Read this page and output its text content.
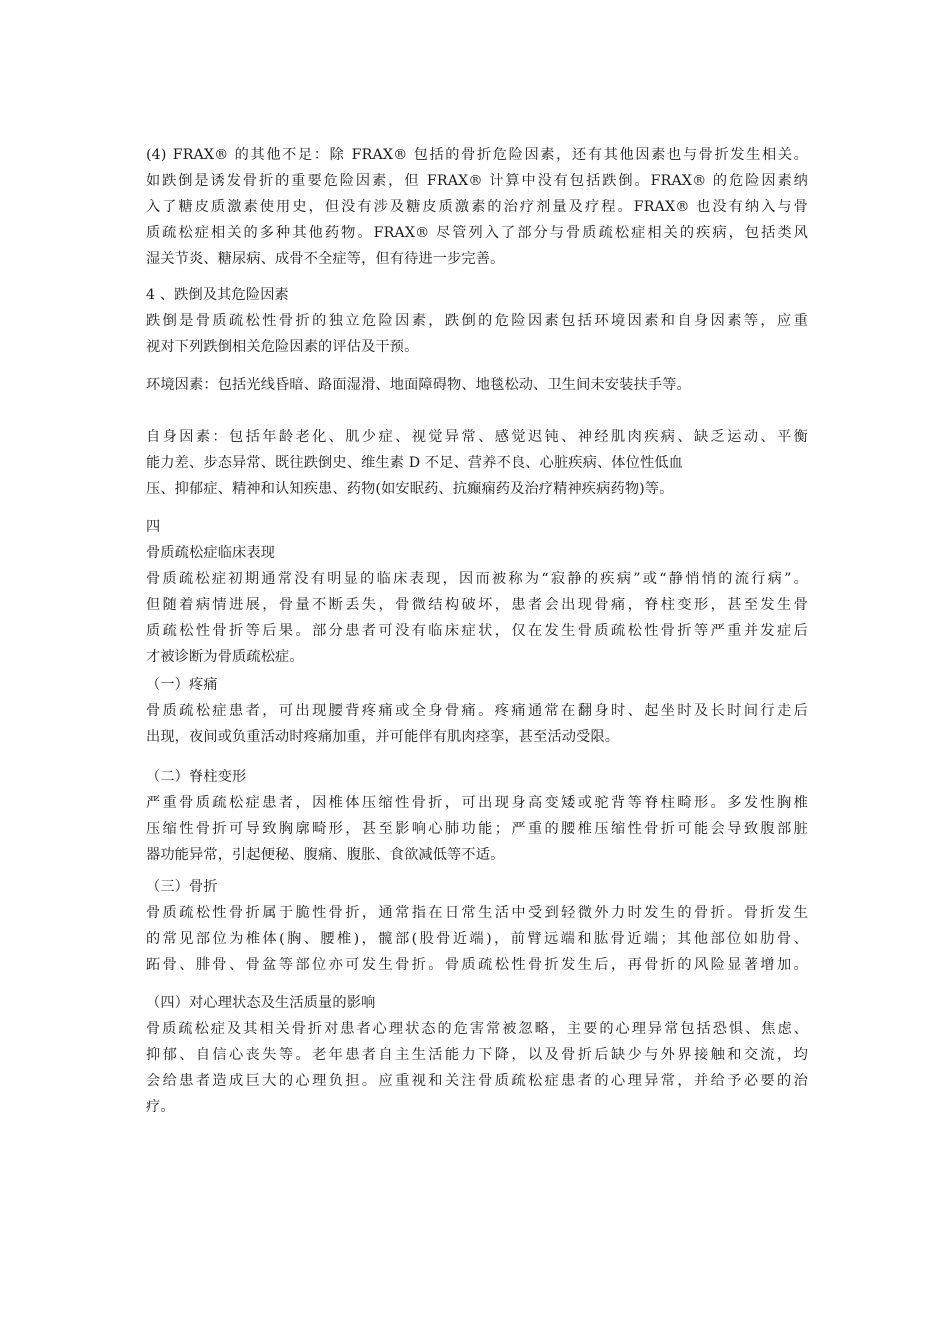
(4) FRAX® 的其他不足：除 FRAX® 包括的骨折危险因素，还有其他因素也与骨折发生相关。
如跌倒是诱发骨折的重要危险因素，但 FRAX® 计算中没有包括跌倒。FRAX® 的危险因素纳
入了糖皮质激素使用史，但没有涉及糖皮质激素的治疗剂量及疗程。FRAX® 也没有纳入与骨
质疏松症相关的多种其他药物。FRAX® 尽管列入了部分与骨质疏松症相关的疾病，包括类风
湿关节炎、糖尿病、成骨不全症等，但有待进一步完善。
4 、跌倒及其危险因素
跌倒是骨质疏松性骨折的独立危险因素，跌倒的危险因素包括环境因素和自身因素等，应重
视对下列跌倒相关危险因素的评估及干预。
环境因素：包括光线昏暗、路面湿滑、地面障碍物、地毯松动、卫生间未安装扶手等。
自身因素：包括年龄老化、肌少症、视觉异常、感觉迟钝、神经肌肉疾病、缺乏运动、平衡
能力差、步态异常、既往跌倒史、维生素 D 不足、营养不良、心脏疾病、体位性低血
压、抑郁症、精神和认知疾患、药物(如安眠药、抗癫痫药及治疗精神疾病药物)等。
四
骨质疏松症临床表现
骨质疏松症初期通常没有明显的临床表现，因而被称为“寂静的疾病”或“静悄悄的流行病”。
但随着病情进展，骨量不断丢失，骨微结构破坏，患者会出现骨痛，脊柱变形，甚至发生骨
质疏松性骨折等后果。部分患者可没有临床症状，仅在发生骨质疏松性骨折等严重并发症后
才被诊断为骨质疏松症。
（一）疼痛
骨质疏松症患者，可出现腰背疼痛或全身骨痛。疼痛通常在翻身时、起坐时及长时间行走后
出现，夜间或负重活动时疼痛加重，并可能伴有肌肉痉挛，甚至活动受限。
（二）脊柱变形
严重骨质疏松症患者，因椎体压缩性骨折，可出现身高变矮或驼背等脊柱畸形。多发性胸椎
压缩性骨折可导致胸廓畸形，甚至影响心肺功能；严重的腰椎压缩性骨折可能会导致腹部脏
器功能异常，引起便秘、腹痛、腹胀、食欲减低等不适。
（三）骨折
骨质疏松性骨折属于脆性骨折，通常指在日常生活中受到轻微外力时发生的骨折。骨折发生
的常见部位为椎体(胸、腰椎)，髋部(股骨近端)，前臂远端和肱骨近端；其他部位如肋骨、
跖骨、腓骨、骨盆等部位亦可发生骨折。骨质疏松性骨折发生后，再骨折的风险显著增加。
（四）对心理状态及生活质量的影响
骨质疏松症及其相关骨折对患者心理状态的危害常被忽略，主要的心理异常包括恐惧、焦虑、
抑郁、自信心丧失等。老年患者自主生活能力下降，以及骨折后缺少与外界接触和交流，均
会给患者造成巨大的心理负担。应重视和关注骨质疏松症患者的心理异常，并给予必要的治
疗。
